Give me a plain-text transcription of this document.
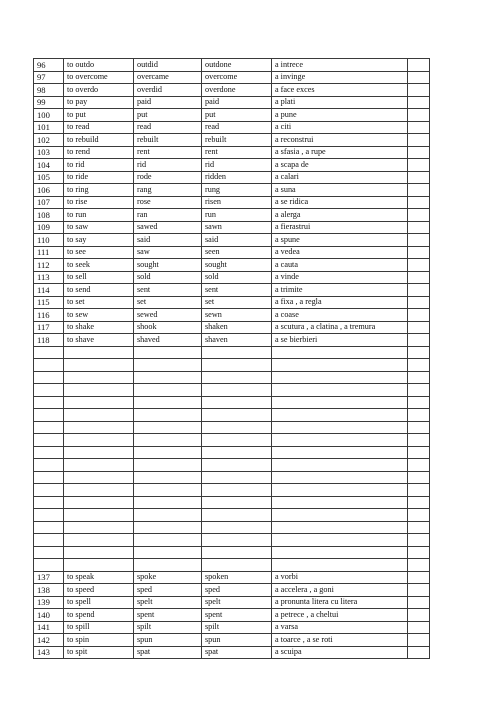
96	to outdo	outdid	outdone	a intrece	
97	to overcome	overcame	overcome	a invinge	
98	to overdo	overdid	overdone	a face exces	
99	to pay	paid	paid	a plati	
100	to put	put	put	a pune	
101	to read	read	read	a citi	
102	to rebuild	rebuilt	rebuilt	a reconstrui	
103	to rend	rent	rent	a sfasia , a rupe	
104	to rid	rid	rid	a scapa de	
105	to ride	rode	ridden	a calari	
106	to ring	rang	rung	a suna	
107	to rise	rose	risen	a se ridica	
108	to run	ran	run	a alerga	
109	to saw	sawed	sawn	a fierastrui	
110	to say	said	said	a spune	
111	to see	saw	seen	a vedea	
112	to seek	sought	sought	a cauta	
113	to sell	sold	sold	a vinde	
114	to send	sent	sent	a trimite	
115	to set	set	set	a fixa , a regla	
116	to sew	sewed	sewn	a coase	
117	to shake	shook	shaken	a scutura , a clatina , a tremura	
118	to shave	shaved	shaven	a se bierbieri	

137	to speak	spoke	spoken	a vorbi	
138	to speed	sped	sped	a accelera , a goni	
139	to spell	spelt	spelt	a pronunta litera cu litera	
140	to spend	spent	spent	a petrece , a cheltui	
141	to spill	spilt	spilt	a varsa	
142	to spin	spun	spun	a toarce , a se roti	
143	to spit	spat	spat	a scuipa	
